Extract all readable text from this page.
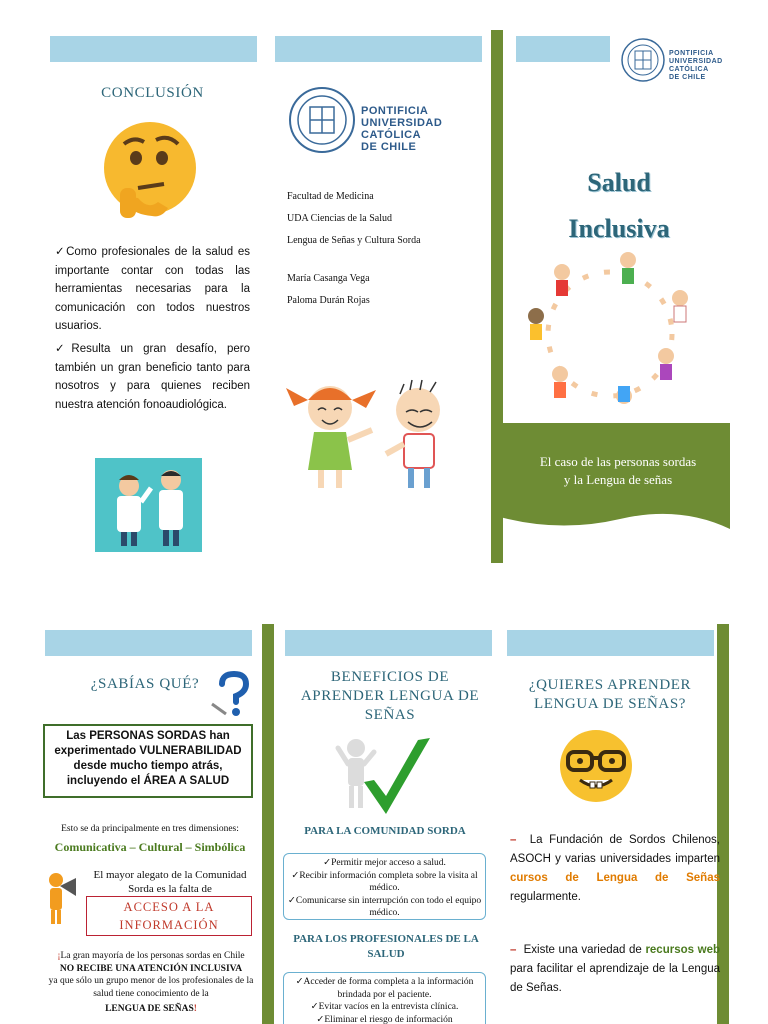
CONCLUSIÓN
✓ Como profesionales de la salud es importante contar con todas las herramientas necesarias para la comunicación con todos nuestros usuarios.
✓ Resulta un gran desafío, pero también un gran beneficio tanto para nosotros y para quienes reciben nuestra atención fonoaudiológica.
PONTIFICIA
UNIVERSIDAD
CATÓLICA
DE CHILE
Facultad de Medicina
UDA Ciencias de la Salud
Lengua de Señas y Cultura Sorda
María Casanga Vega
Paloma Durán Rojas
PONTIFICIA
UNIVERSIDAD
CATÓLICA
DE CHILE
Salud
Inclusiva
El caso de las personas sordas
y la Lengua de señas
¿SABÍAS QUÉ?
Las PERSONAS SORDAS han experimentado VULNERABILIDAD desde mucho tiempo atrás, incluyendo el ÁREA A SALUD
Esto se da principalmente en tres dimensiones:
Comunicativa – Cultural – Simbólica
El mayor alegato de la Comunidad Sorda es la falta de
ACCESO A LA INFORMACIÓN
¡La gran mayoría de los personas sordas en Chile
NO RECIBE UNA ATENCIÓN INCLUSIVA
ya que sólo un grupo menor de los profesionales de la salud tiene conocimiento de la
LENGUA DE SEÑAS!
BENEFICIOS DE APRENDER LENGUA DE SEÑAS
PARA LA COMUNIDAD SORDA
✓ Permitir mejor acceso a salud.
✓ Recibir información completa sobre la visita al médico.
✓ Comunicarse sin interrupción con todo el equipo médico.
PARA LOS PROFESIONALES DE LA SALUD
✓ Acceder de forma completa a la información brindada por el paciente.
✓ Evitar vacíos en la entrevista clínica.
✓ Eliminar el riesgo de información
¿QUIERES APRENDER LENGUA DE SEÑAS?
– La Fundación de Sordos Chilenos, ASOCH y varias universidades imparten cursos de Lengua de Señas regularmente.
– Existe una variedad de recursos web para facilitar el aprendizaje de la Lengua de Señas.
